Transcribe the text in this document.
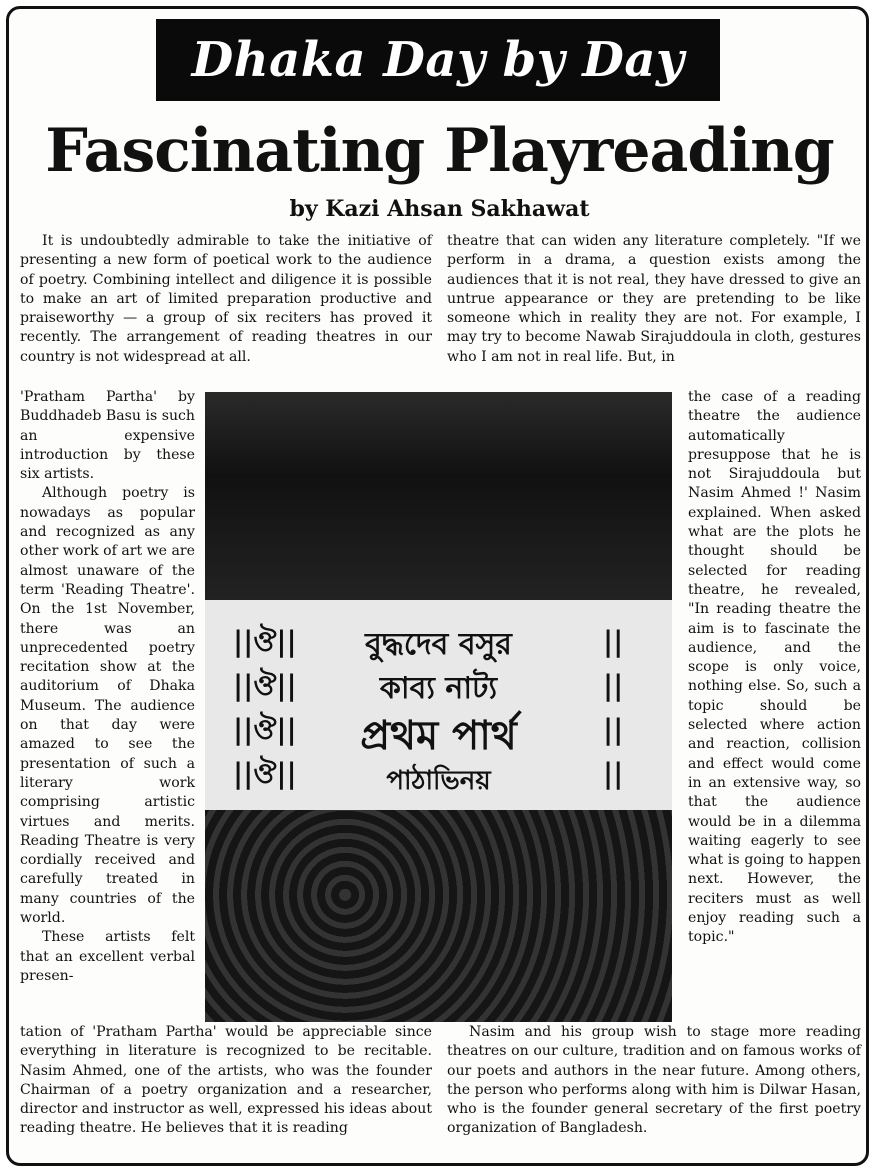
Dhaka Day by Day
Fascinating Playreading
by Kazi Ahsan Sakhawat

It is undoubtedly admirable to take the initiative of presenting a new form of poetical work to the audience of poetry. Combining intellect and diligence it is possible to make an art of limited preparation productive and praiseworthy — a group of six reciters has proved it recently. The arrangement of reading theatres in our country is not widespread at all.

'Pratham Partha' by Buddhadeb Basu is such an expensive introduction by these six artists.

Although poetry is nowadays as popular and recognized as any other work of art we are almost unaware of the term 'Reading Theatre'. On the 1st November, there was an unprecedented poetry recitation show at the auditorium of Dhaka Museum. The audience on that day were amazed to see the presentation of such a literary work comprising artistic virtues and merits. Reading Theatre is very cordially received and carefully treated in many countries of the world.

These artists felt that an excellent verbal presen-

tation of 'Pratham Partha' would be appreciable since everything in literature is recognized to be recitable. Nasim Ahmed, one of the artists, who was the founder Chairman of a poetry organization and a researcher, director and instructor as well, expressed his ideas about reading theatre. He believes that it is reading

theatre that can widen any literature completely. "If we perform in a drama, a question exists among the audiences that it is not real, they have dressed to give an untrue appearance or they are pretending to be like someone which in reality they are not. For example, I may try to become Nawab Sirajuddoula in cloth, gestures who I am not in real life. But, in

the case of a reading theatre the audience automatically presuppose that he is not Sirajuddoula but Nasim Ahmed !' Nasim explained. When asked what are the plots he thought should be selected for reading theatre, he revealed, "In reading theatre the aim is to fascinate the audience, and the scope is only voice, nothing else. So, such a topic should be selected where action and reaction, collision and effect would come in an extensive way, so that the audience would be in a dilemma waiting eagerly to see what is going to happen next. However, the reciters must as well enjoy reading such a topic."

Nasim and his group wish to stage more reading theatres on our culture, tradition and on famous works of our poets and authors in the near future. Among others, the person who performs along with him is Dilwar Hasan, who is the founder general secretary of the first poetry organization of Bangladesh.

||ঔ||
||ঔ||
||ঔ||
||ঔ||
||
||
||
||
বুদ্ধদেব বসুর
কাব্য নাট্য
প্রথম পার্থ
পাঠাভিনয়
